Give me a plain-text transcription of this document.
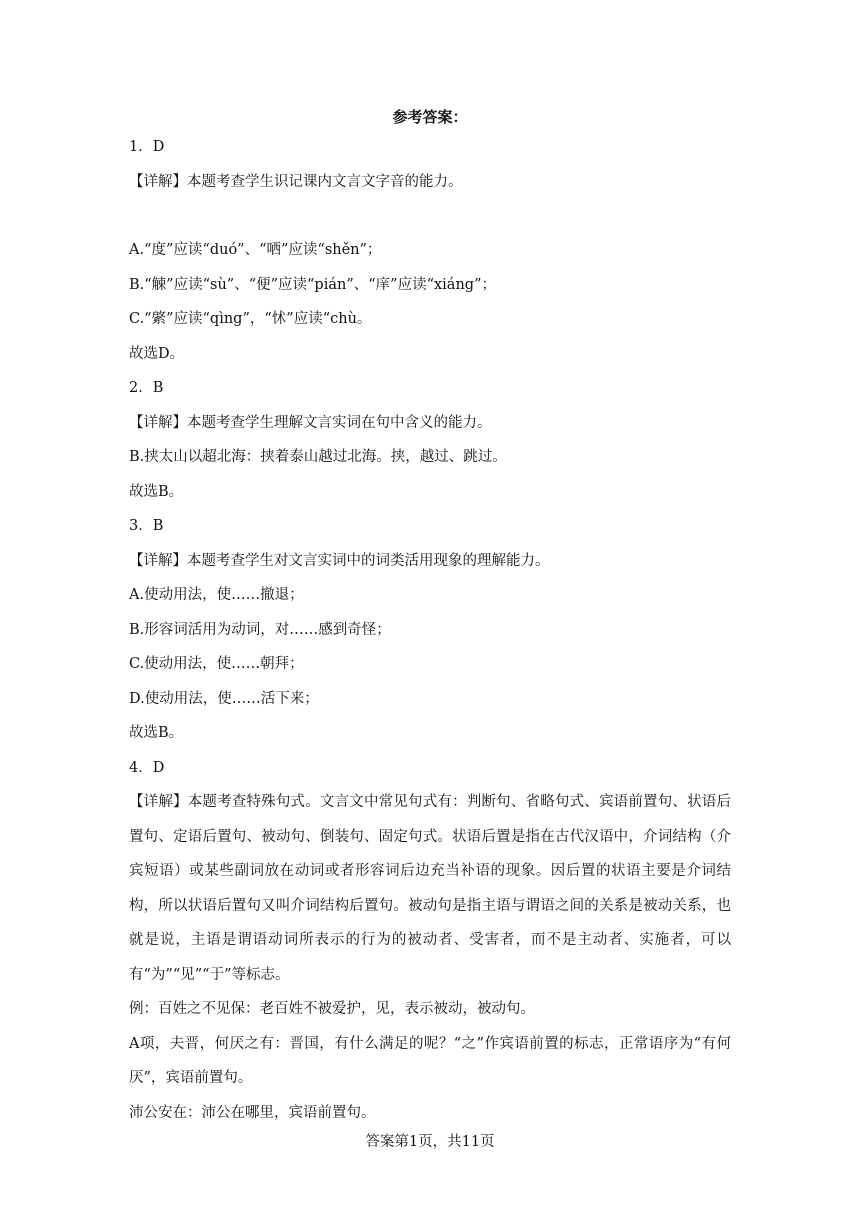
参考答案：
1．D
【详解】本题考查学生识记课内文言文字音的能力。
A.“度”应读“duó”、“哂”应读“shěn”；
B.“觫”应读“sù”、“便”应读“pián”、“庠”应读“xiáng”；
C.“綮”应读“qìng”，“怵”应读“chù。
故选D。
2．B
【详解】本题考查学生理解文言实词在句中含义的能力。
B.挟太山以超北海：挟着泰山越过北海。挟，越过、跳过。
故选B。
3．B
【详解】本题考查学生对文言实词中的词类活用现象的理解能力。
A.使动用法，使……撤退；
B.形容词活用为动词，对……感到奇怪；
C.使动用法，使……朝拜；
D.使动用法，使……活下来；
故选B。
4．D
【详解】本题考查特殊句式。文言文中常见句式有：判断句、省略句式、宾语前置句、状语后置句、定语后置句、被动句、倒装句、固定句式。状语后置是指在古代汉语中，介词结构（介宾短语）或某些副词放在动词或者形容词后边充当补语的现象。因后置的状语主要是介词结构，所以状语后置句又叫介词结构后置句。被动句是指主语与谓语之间的关系是被动关系，也就是说，主语是谓语动词所表示的行为的被动者、受害者，而不是主动者、实施者，可以有“为”“见”“于”等标志。
例：百姓之不见保：老百姓不被爱护，见，表示被动，被动句。
A项，夫晋，何厌之有：晋国，有什么满足的呢？“之”作宾语前置的标志，正常语序为“有何厌”，宾语前置句。
沛公安在：沛公在哪里，宾语前置句。
答案第1页，共11页
